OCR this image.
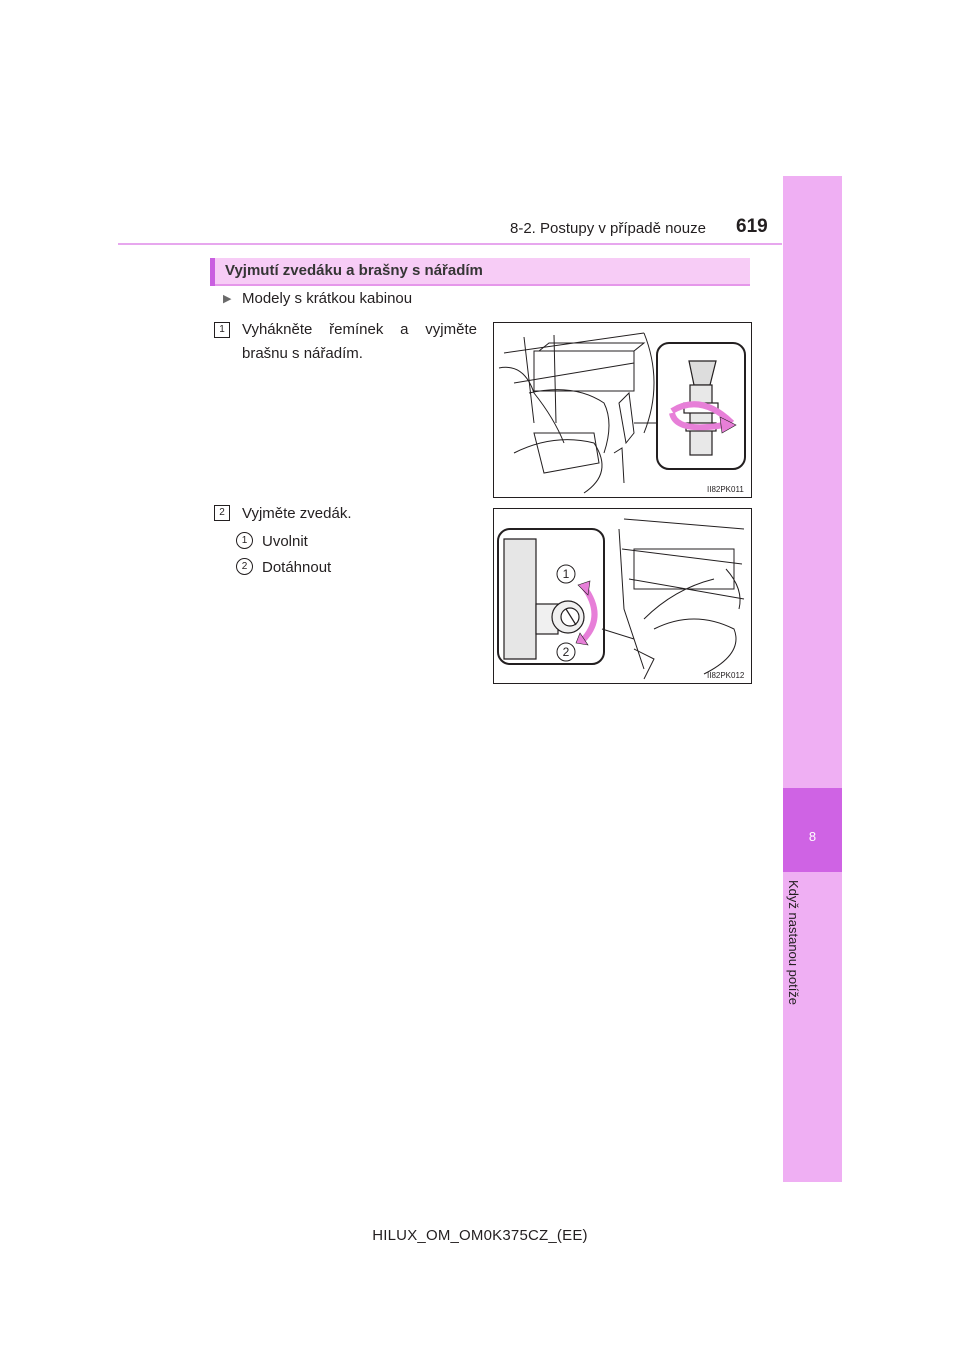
8-2. Postupy v případě nouze 619
8
Když nastanou potíže
Vyjmutí zvedáku a brašny s nářadím
▶ Modely s krátkou kabinou
1	Vyhákněte řemínek a vyjměte brašnu s nářadím.
II82PK011
2	Vyjměte zvedák.
1 Uvolnit
2 Dotáhnout	1
2
II82PK012
HILUX_OM_OM0K375CZ_(EE)
